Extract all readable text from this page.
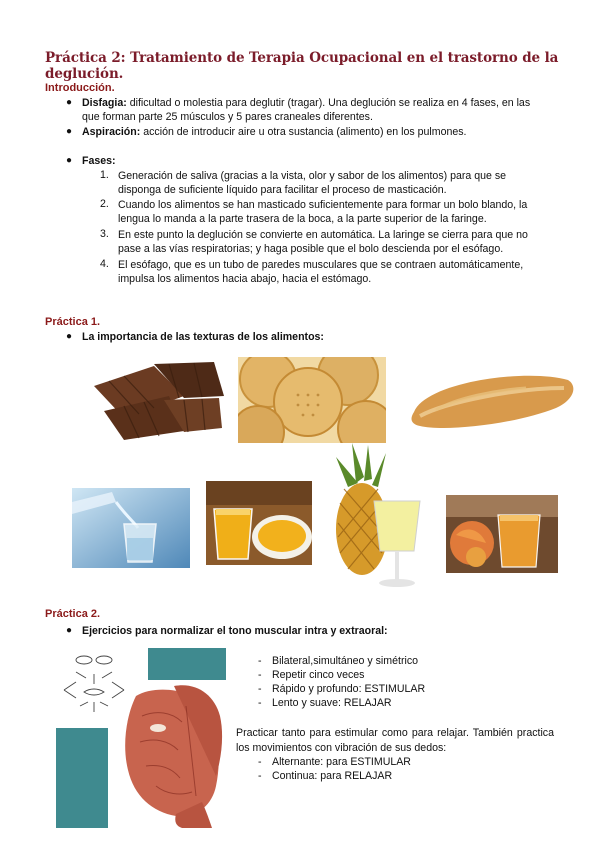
Práctica 2: Tratamiento de Terapia Ocupacional en el trastorno de la deglución.
Introducción.
● Disfagia: dificultad o molestia para deglutir (tragar). Una deglución se realiza en 4 fases, en las
que forman parte 25 músculos y 5 pares craneales diferentes.
● Aspiración: acción de introducir aire u otra sustancia (alimento) en los pulmones.
● Fases:
1. Generación de saliva (gracias a la vista, olor y sabor de los alimentos) para que se
disponga de suficiente líquido para facilitar el proceso de masticación.
2. Cuando los alimentos se han masticado suficientemente para formar un bolo blando, la
lengua lo manda a la parte trasera de la boca, a la parte superior de la faringe.
3. En este punto la deglución se convierte en automática. La laringe se cierra para que no
pase a las vías respiratorias; y haga posible que el bolo descienda por el esófago.
4. El esófago, que es un tubo de paredes musculares que se contraen automáticamente,
impulsa los alimentos hacia abajo, hacia el estómago.
Práctica 1.
● La importancia de las texturas de los alimentos:
Práctica 2.
● Ejercicios para normalizar el tono muscular intra y extraoral:
- Bilateral,simultáneo y simétrico
- Repetir cinco veces
- Rápido y profundo: ESTIMULAR
- Lento y suave: RELAJAR
Practicar tanto para estimular como para relajar. También practica los movimientos con vibración de sus dedos:
- Alternante: para ESTIMULAR
- Continua: para RELAJAR
